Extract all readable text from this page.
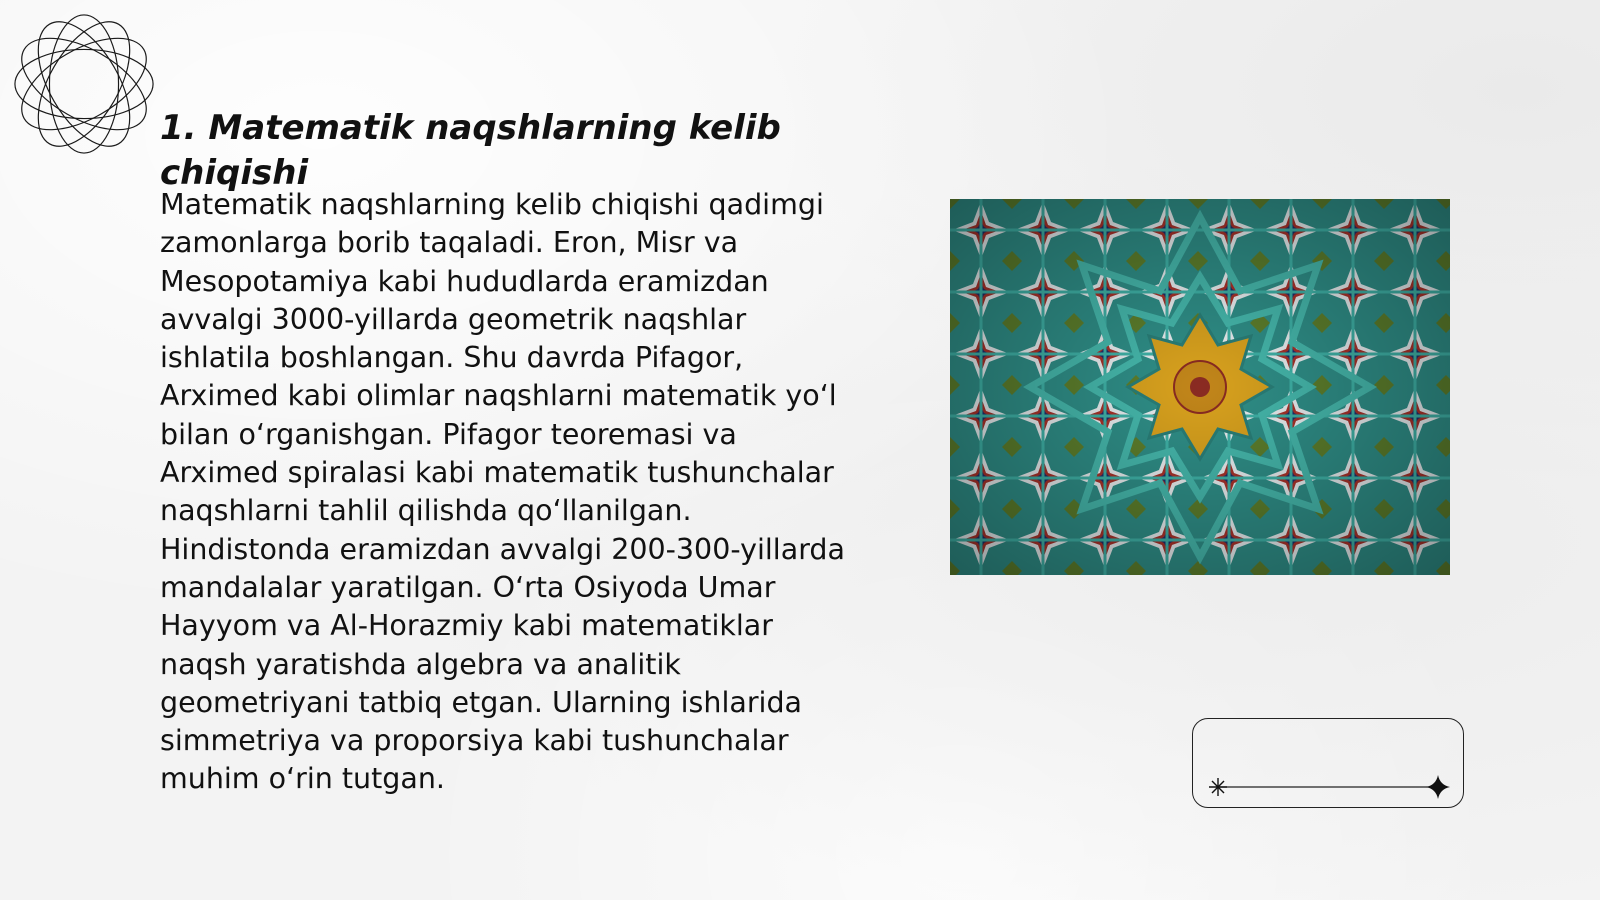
1. Matematik naqshlarning kelib chiqishi

Matematik naqshlarning kelib chiqishi qadimgi zamonlarga borib taqaladi. Eron, Misr va Mesopotamiya kabi hududlarda eramizdan avvalgi 3000-yillarda geometrik naqshlar ishlatila boshlangan. Shu davrda Pifagor, Arximed kabi olimlar naqshlarni matematik yo‘l bilan o‘rganishgan. Pifagor teoremasi va Arximed spiralasi kabi matematik tushunchalar naqshlarni tahlil qilishda qo‘llanilgan. Hindistonda eramizdan avvalgi 200-300-yillarda mandalalar yaratilgan. O‘rta Osiyoda Umar Hayyom va Al-Horazmiy kabi matematiklar naqsh yaratishda algebra va analitik geometriyani tatbiq etgan. Ularning ishlarida simmetriya va proporsiya kabi tushunchalar muhim o‘rin tutgan.
